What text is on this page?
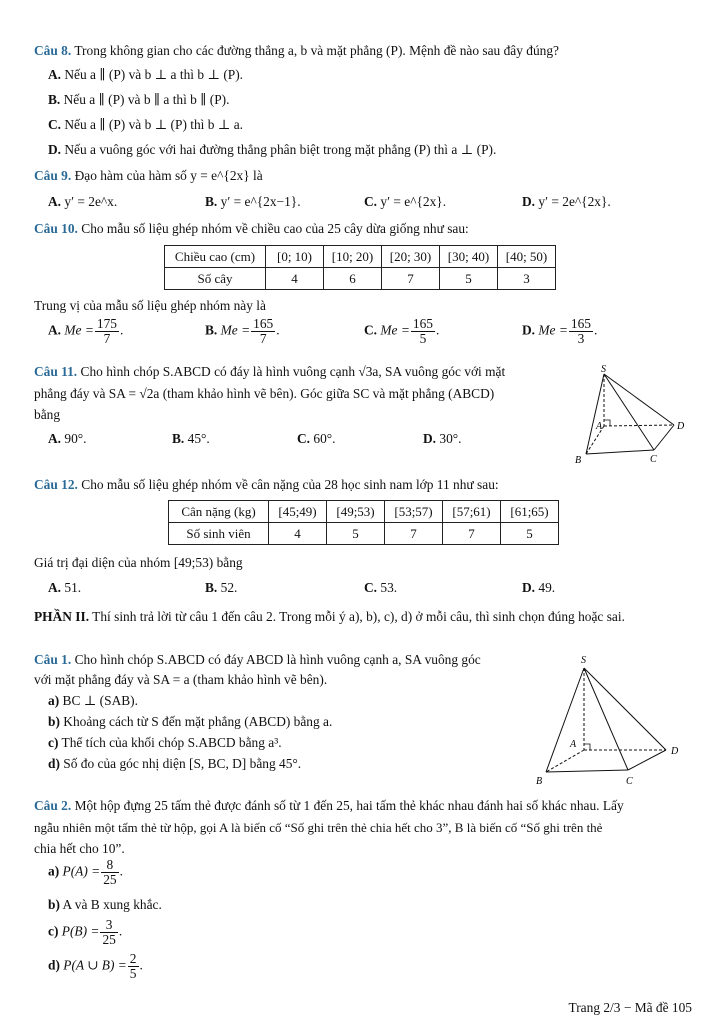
Câu 8. Trong không gian cho các đường thẳng a, b và mặt phẳng (P). Mệnh đề nào sau đây đúng?
A. Nếu a ∥ (P) và b ⊥ a thì b ⊥ (P).
B. Nếu a ∥ (P) và b ∥ a thì b ∥ (P).
C. Nếu a ∥ (P) và b ⊥ (P) thì b ⊥ a.
D. Nếu a vuông góc với hai đường thẳng phân biệt trong mặt phẳng (P) thì a ⊥ (P).
Câu 9. Đạo hàm của hàm số y = e^{2x} là
A. y′ = 2e^x.	B. y′ = e^{2x−1}.	C. y′ = e^{2x}.	D. y′ = 2e^{2x}.
Câu 10. Cho mẫu số liệu ghép nhóm về chiều cao của 25 cây dừa giống như sau:
Chiều cao (cm)	[0; 10)	[10; 20)	[20; 30)	[30; 40)	[40; 50)
Số cây	4	6	7	5	3
Trung vị của mẫu số liệu ghép nhóm này là
A. $Me = \frac{175}{7}$ .	B. $Me = \frac{165}{7}$ .	C. $Me = \frac{165}{5}$ .	D. $Me = \frac{165}{3}$ .
Câu 11. Cho hình chóp S.ABCD có đáy là hình vuông cạnh √3a, SA vuông góc với mặt
phẳng đáy và SA = √2a (tham khảo hình vẽ bên). Góc giữa SC và mặt phẳng (ABCD)
bằng
A. 90°.	B. 45°.	C. 60°.	D. 30°.
S
A
B	C
D
Câu 12. Cho mẫu số liệu ghép nhóm về cân nặng của 28 học sinh nam lớp 11 như sau:
Cân nặng (kg)	[45;49)	[49;53)	[53;57)	[57;61)	[61;65)
Số sinh viên	4	5	7	7	5
Giá trị đại diện của nhóm [49;53) bằng
A. 51.	B. 52.	C. 53.	D. 49.
PHẦN II. Thí sinh trả lời từ câu 1 đến câu 2. Trong mỗi ý a), b), c), d) ở mỗi câu, thì sinh chọn đúng hoặc sai.
Câu 1. Cho hình chóp S.ABCD có đáy ABCD là hình vuông cạnh a, SA vuông góc
với mặt phẳng đáy và SA = a (tham khảo hình vẽ bên).
a) BC ⊥ (SAB).
b) Khoảng cách từ S đến mặt phẳng (ABCD) bằng a.
c) Thể tích của khối chóp S.ABCD bằng a³.
d) Số đo của góc nhị diện [S, BC, D] bằng 45°.
S
A
B	C
D
Câu 2. Một hộp đựng 25 tấm thẻ được đánh số từ 1 đến 25, hai tấm thẻ khác nhau đánh hai số khác nhau. Lấy
ngẫu nhiên một tấm thẻ từ hộp, gọi A là biến cố “Số ghi trên thẻ chia hết cho 3”, B là biến cố “Số ghi trên thẻ
chia hết cho 10”.
a) $P(A) = \frac{8}{25}$ .
b) A và B xung khắc.
c) $P(B) = \frac{3}{25}$ .
d) P(A ∪ $B) = \frac{2}{5}$ .
Trang 2/3 − Mã đề 105
